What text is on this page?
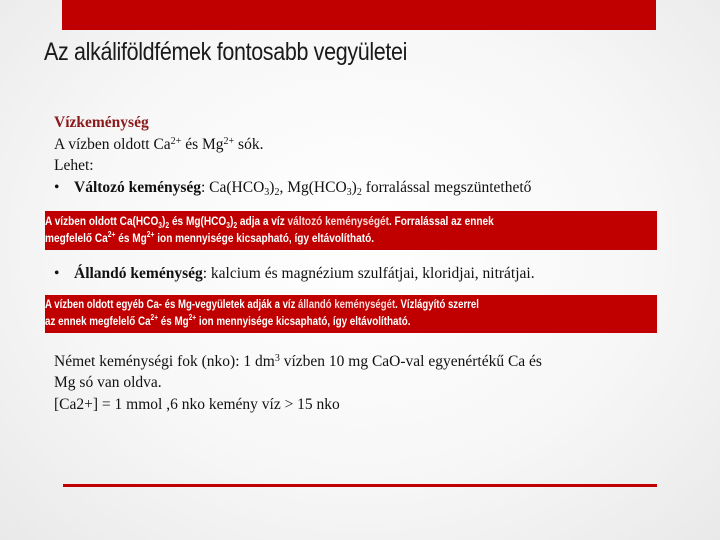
Az alkáliföldfémek fontosabb vegyületei
Vízkeménység
A vízben oldott $Ca^{2+}$ és $Mg^{2+}$ sók.
Lehet:
• Változó keménység: $Ca(HCO_3)_2$, $Mg(HCO_3)_2$ forralással megszüntethető
A vízben oldott $Ca(HCO_3)_2$ és $Mg(HCO_3)_2$ adja a víz változó keménységét. Forralással az ennek
megfelelő $Ca^{2+}$ és $Mg^{2+}$ ion mennyisége kicsapható, így eltávolítható.
• Állandó keménység: kalcium és magnézium szulfátjai, kloridjai, nitrátjai.
A vízben oldott egyéb Ca- és Mg-vegyületek adják a víz állandó keménységét. Vízlágyító szerrel
az ennek megfelelő $Ca^{2+}$ és $Mg^{2+}$ ion mennyisége kicsapható, így eltávolítható.
Német keménységi fok (nko): 1 $dm^3$ vízben 10 mg CaO-val egyenértékű Ca és
Mg só van oldva.
[Ca2+] = 1 mmol ,6 nko kemény víz > 15 nko
